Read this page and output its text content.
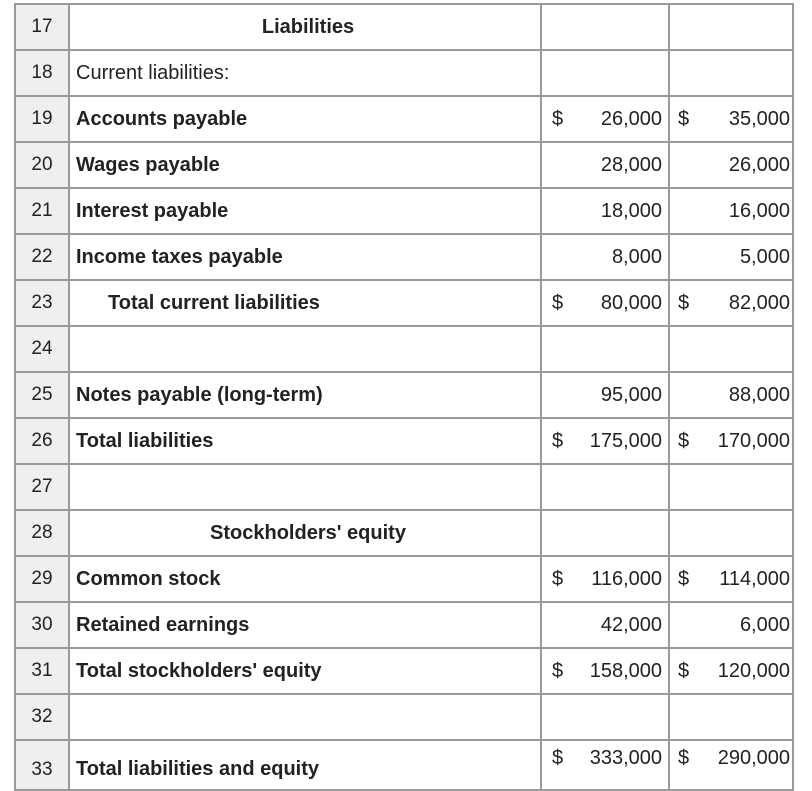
17	Liabilities
18	Current liabilities:
19	Accounts payable	$ 26,000 $ 35,000
20	Wages payable	28,000	26,000
21	Interest payable	18,000	16,000
22	Income taxes payable	8,000	5,000
23	Total current liabilities	$ 80,000 $ 82,000
24
25	Notes payable (long-term)	95,000	88,000
26	Total liabilities	$ 175,000 $ 170,000
27
28	Stockholders' equity
29	Common stock	$ 116,000 $ 114,000
30	Retained earnings	42,000	6,000
31	Total stockholders' equity	$ 158,000 $ 120,000
32
33	Total liabilities and equity	$ 333,000 $ 290,000
